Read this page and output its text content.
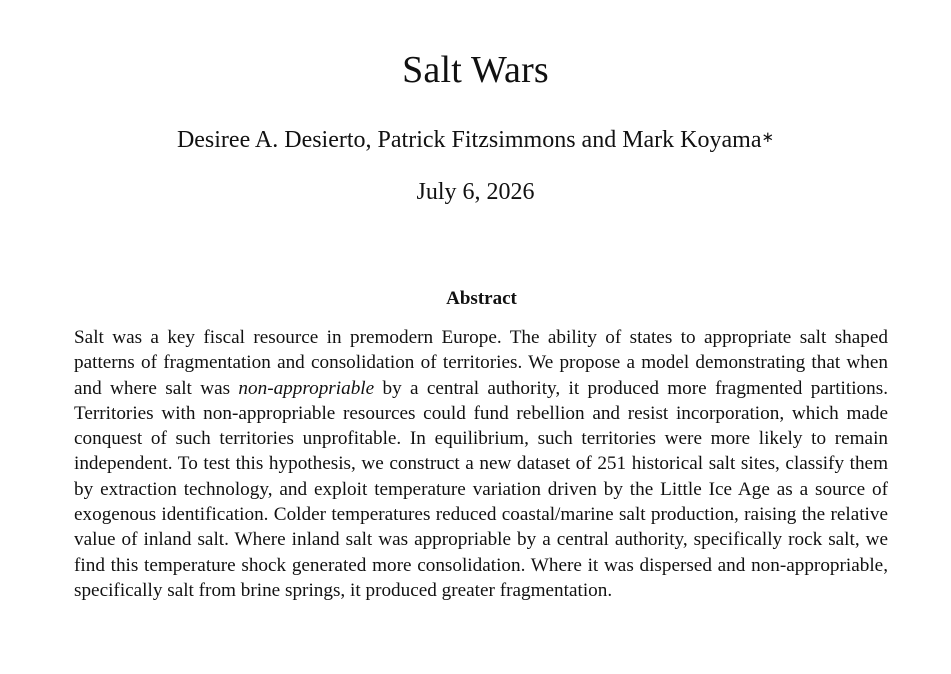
Salt Wars
Desiree A. Desierto, Patrick Fitzsimmons and Mark Koyama∗
July 6, 2026
Abstract
Salt was a key fiscal resource in premodern Europe. The ability of states to appropriate salt shaped patterns of fragmentation and consolidation of territories. We propose a model demonstrating that when and where salt was non-appropriable by a central authority, it produced more fragmented partitions. Territories with non-appropriable resources could fund rebellion and resist incorporation, which made conquest of such territories unprofitable. In equilibrium, such territories were more likely to remain independent. To test this hypothesis, we construct a new dataset of 251 historical salt sites, classify them by extraction technology, and exploit temperature variation driven by the Little Ice Age as a source of exogenous identification. Colder temperatures reduced coastal/marine salt production, raising the relative value of inland salt. Where inland salt was appropriable by a central authority, specifically rock salt, we find this temperature shock generated more consolidation. Where it was dispersed and non-appropriable, specifically salt from brine springs, it produced greater fragmentation.
